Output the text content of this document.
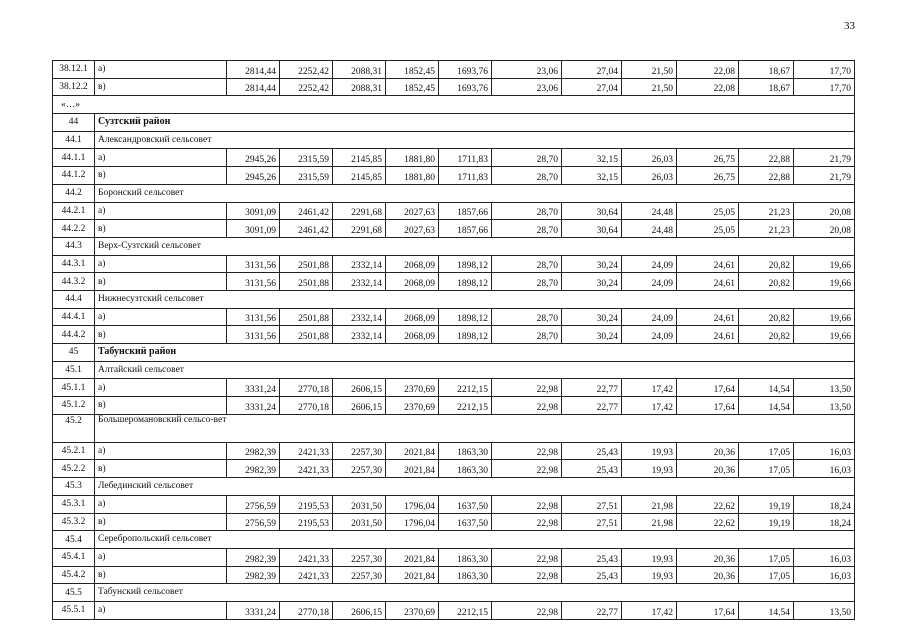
33
38.12.1	а)	2814,44	2252,42	2088,31	1852,45	1693,76	23,06	27,04	21,50	22,08	18,67	17,70
38.12.2	в)	2814,44	2252,42	2088,31	1852,45	1693,76	23,06	27,04	21,50	22,08	18,67	17,70
«…»												
44	Сузтский район											
44.1	Александровский сельсовет											
44.1.1	а)	2945,26	2315,59	2145,85	1881,80	1711,83	28,70	32,15	26,03	26,75	22,88	21,79
44.1.2	в)	2945,26	2315,59	2145,85	1881,80	1711,83	28,70	32,15	26,03	26,75	22,88	21,79
44.2	Боронский сельсовет											
44.2.1	а)	3091,09	2461,42	2291,68	2027,63	1857,66	28,70	30,64	24,48	25,05	21,23	20,08
44.2.2	в)	3091,09	2461,42	2291,68	2027,63	1857,66	28,70	30,64	24,48	25,05	21,23	20,08
44.3	Верх-Сузтский сельсовет											
44.3.1	а)	3131,56	2501,88	2332,14	2068,09	1898,12	28,70	30,24	24,09	24,61	20,82	19,66
44.3.2	в)	3131,56	2501,88	2332,14	2068,09	1898,12	28,70	30,24	24,09	24,61	20,82	19,66
44.4	Нижнесузтский сельсовет											
44.4.1	а)	3131,56	2501,88	2332,14	2068,09	1898,12	28,70	30,24	24,09	24,61	20,82	19,66
44.4.2	в)	3131,56	2501,88	2332,14	2068,09	1898,12	28,70	30,24	24,09	24,61	20,82	19,66
45	Табунский район											
45.1	Алтайский сельсовет											
45.1.1	а)	3331,24	2770,18	2606,15	2370,69	2212,15	22,98	22,77	17,42	17,64	14,54	13,50
45.1.2	в)	3331,24	2770,18	2606,15	2370,69	2212,15	22,98	22,77	17,42	17,64	14,54	13,50
45.2	Большеромановский сельсо-вет											
45.2.1	а)	2982,39	2421,33	2257,30	2021,84	1863,30	22,98	25,43	19,93	20,36	17,05	16,03
45.2.2	в)	2982,39	2421,33	2257,30	2021,84	1863,30	22,98	25,43	19,93	20,36	17,05	16,03
45.3	Лебединский сельсовет											
45.3.1	а)	2756,59	2195,53	2031,50	1796,04	1637,50	22,98	27,51	21,98	22,62	19,19	18,24
45.3.2	в)	2756,59	2195,53	2031,50	1796,04	1637,50	22,98	27,51	21,98	22,62	19,19	18,24
45.4	Серебропольский сельсовет											
45.4.1	а)	2982,39	2421,33	2257,30	2021,84	1863,30	22,98	25,43	19,93	20,36	17,05	16,03
45.4.2	в)	2982,39	2421,33	2257,30	2021,84	1863,30	22,98	25,43	19,93	20,36	17,05	16,03
45.5	Табунский сельсовет											
45.5.1	а)	3331,24	2770,18	2606,15	2370,69	2212,15	22,98	22,77	17,42	17,64	14,54	13,50
